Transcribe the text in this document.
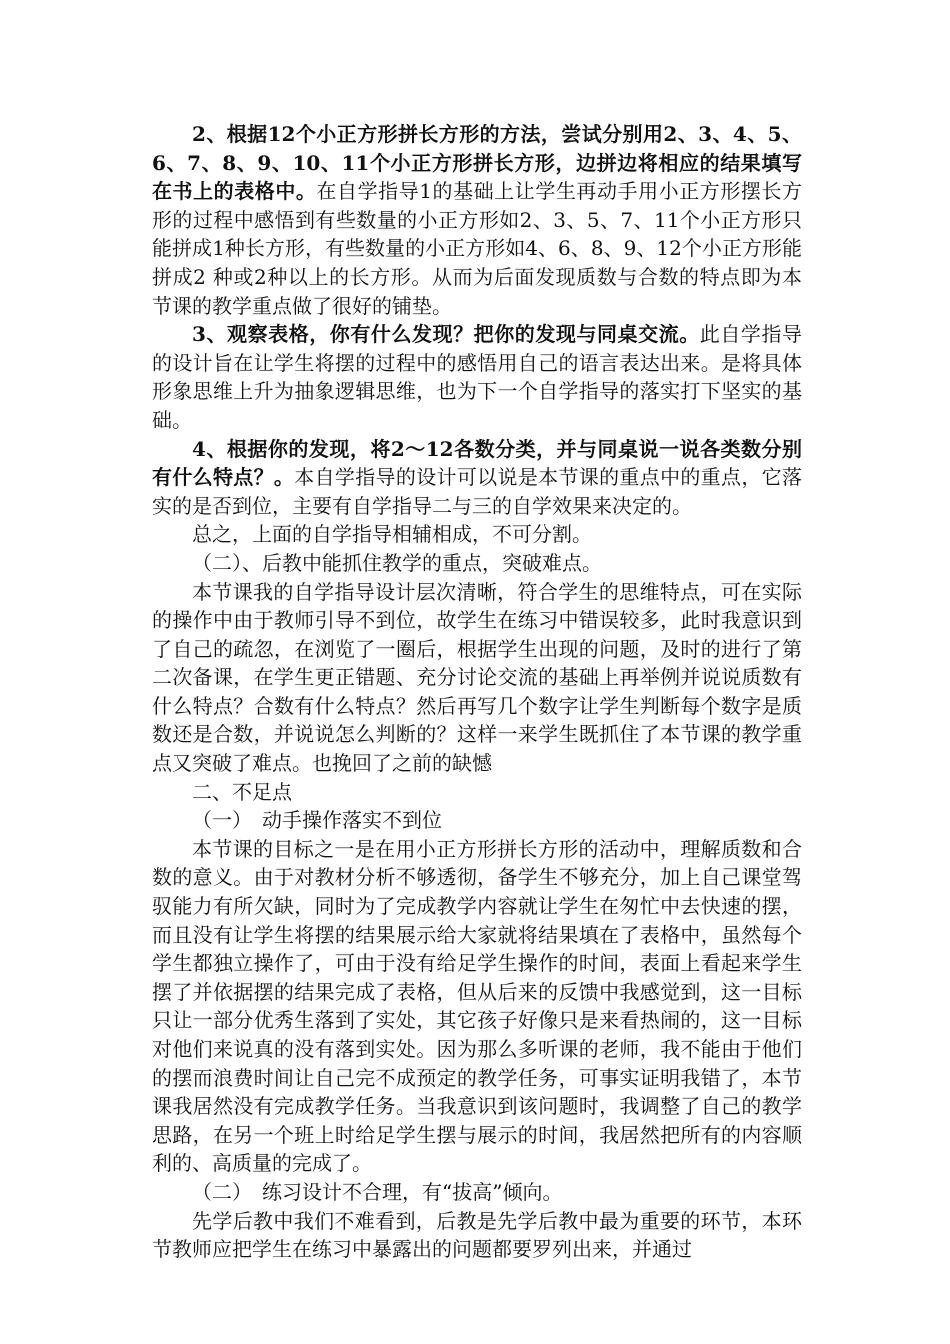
2、根据12个小正方形拼长方形的方法，尝试分别用2、3、4、5、6、7、8、9、10、11个小正方形拼长方形，边拼边将相应的结果填写在书上的表格中。在自学指导1的基础上让学生再动手用小正方形摆长方形的过程中感悟到有些数量的小正方形如2、3、5、7、11个小正方形只能拼成1种长方形，有些数量的小正方形如4、6、8、9、12个小正方形能拼成2 种或2种以上的长方形。从而为后面发现质数与合数的特点即为本节课的教学重点做了很好的铺垫。

3、观察表格，你有什么发现？把你的发现与同桌交流。此自学指导的设计旨在让学生将摆的过程中的感悟用自己的语言表达出来。是将具体形象思维上升为抽象逻辑思维，也为下一个自学指导的落实打下坚实的基础。

4、根据你的发现，将2～12各数分类，并与同桌说一说各类数分别有什么特点？。本自学指导的设计可以说是本节课的重点中的重点，它落实的是否到位，主要有自学指导二与三的自学效果来决定的。

总之，上面的自学指导相辅相成，不可分割。

（二）、后教中能抓住教学的重点，突破难点。

本节课我的自学指导设计层次清晰，符合学生的思维特点，可在实际的操作中由于教师引导不到位，故学生在练习中错误较多，此时我意识到了自己的疏忽，在浏览了一圈后，根据学生出现的问题，及时的进行了第二次备课，在学生更正错题、充分讨论交流的基础上再举例并说说质数有什么特点？合数有什么特点？然后再写几个数字让学生判断每个数字是质数还是合数，并说说怎么判断的？这样一来学生既抓住了本节课的教学重点又突破了难点。也挽回了之前的缺憾

二、不足点

（一）　动手操作落实不到位

本节课的目标之一是在用小正方形拼长方形的活动中，理解质数和合数的意义。由于对教材分析不够透彻，备学生不够充分，加上自己课堂驾驭能力有所欠缺，同时为了完成教学内容就让学生在匆忙中去快速的摆，而且没有让学生将摆的结果展示给大家就将结果填在了表格中，虽然每个学生都独立操作了，可由于没有给足学生操作的时间，表面上看起来学生摆了并依据摆的结果完成了表格，但从后来的反馈中我感觉到，这一目标只让一部分优秀生落到了实处，其它孩子好像只是来看热闹的，这一目标对他们来说真的没有落到实处。因为那么多听课的老师，我不能由于他们的摆而浪费时间让自己完不成预定的教学任务，可事实证明我错了，本节课我居然没有完成教学任务。当我意识到该问题时，我调整了自己的教学思路，在另一个班上时给足学生摆与展示的时间，我居然把所有的内容顺利的、高质量的完成了。

（二）　练习设计不合理，有“拔高”倾向。

先学后教中我们不难看到，后教是先学后教中最为重要的环节，本环节教师应把学生在练习中暴露出的问题都要罗列出来，并通过
